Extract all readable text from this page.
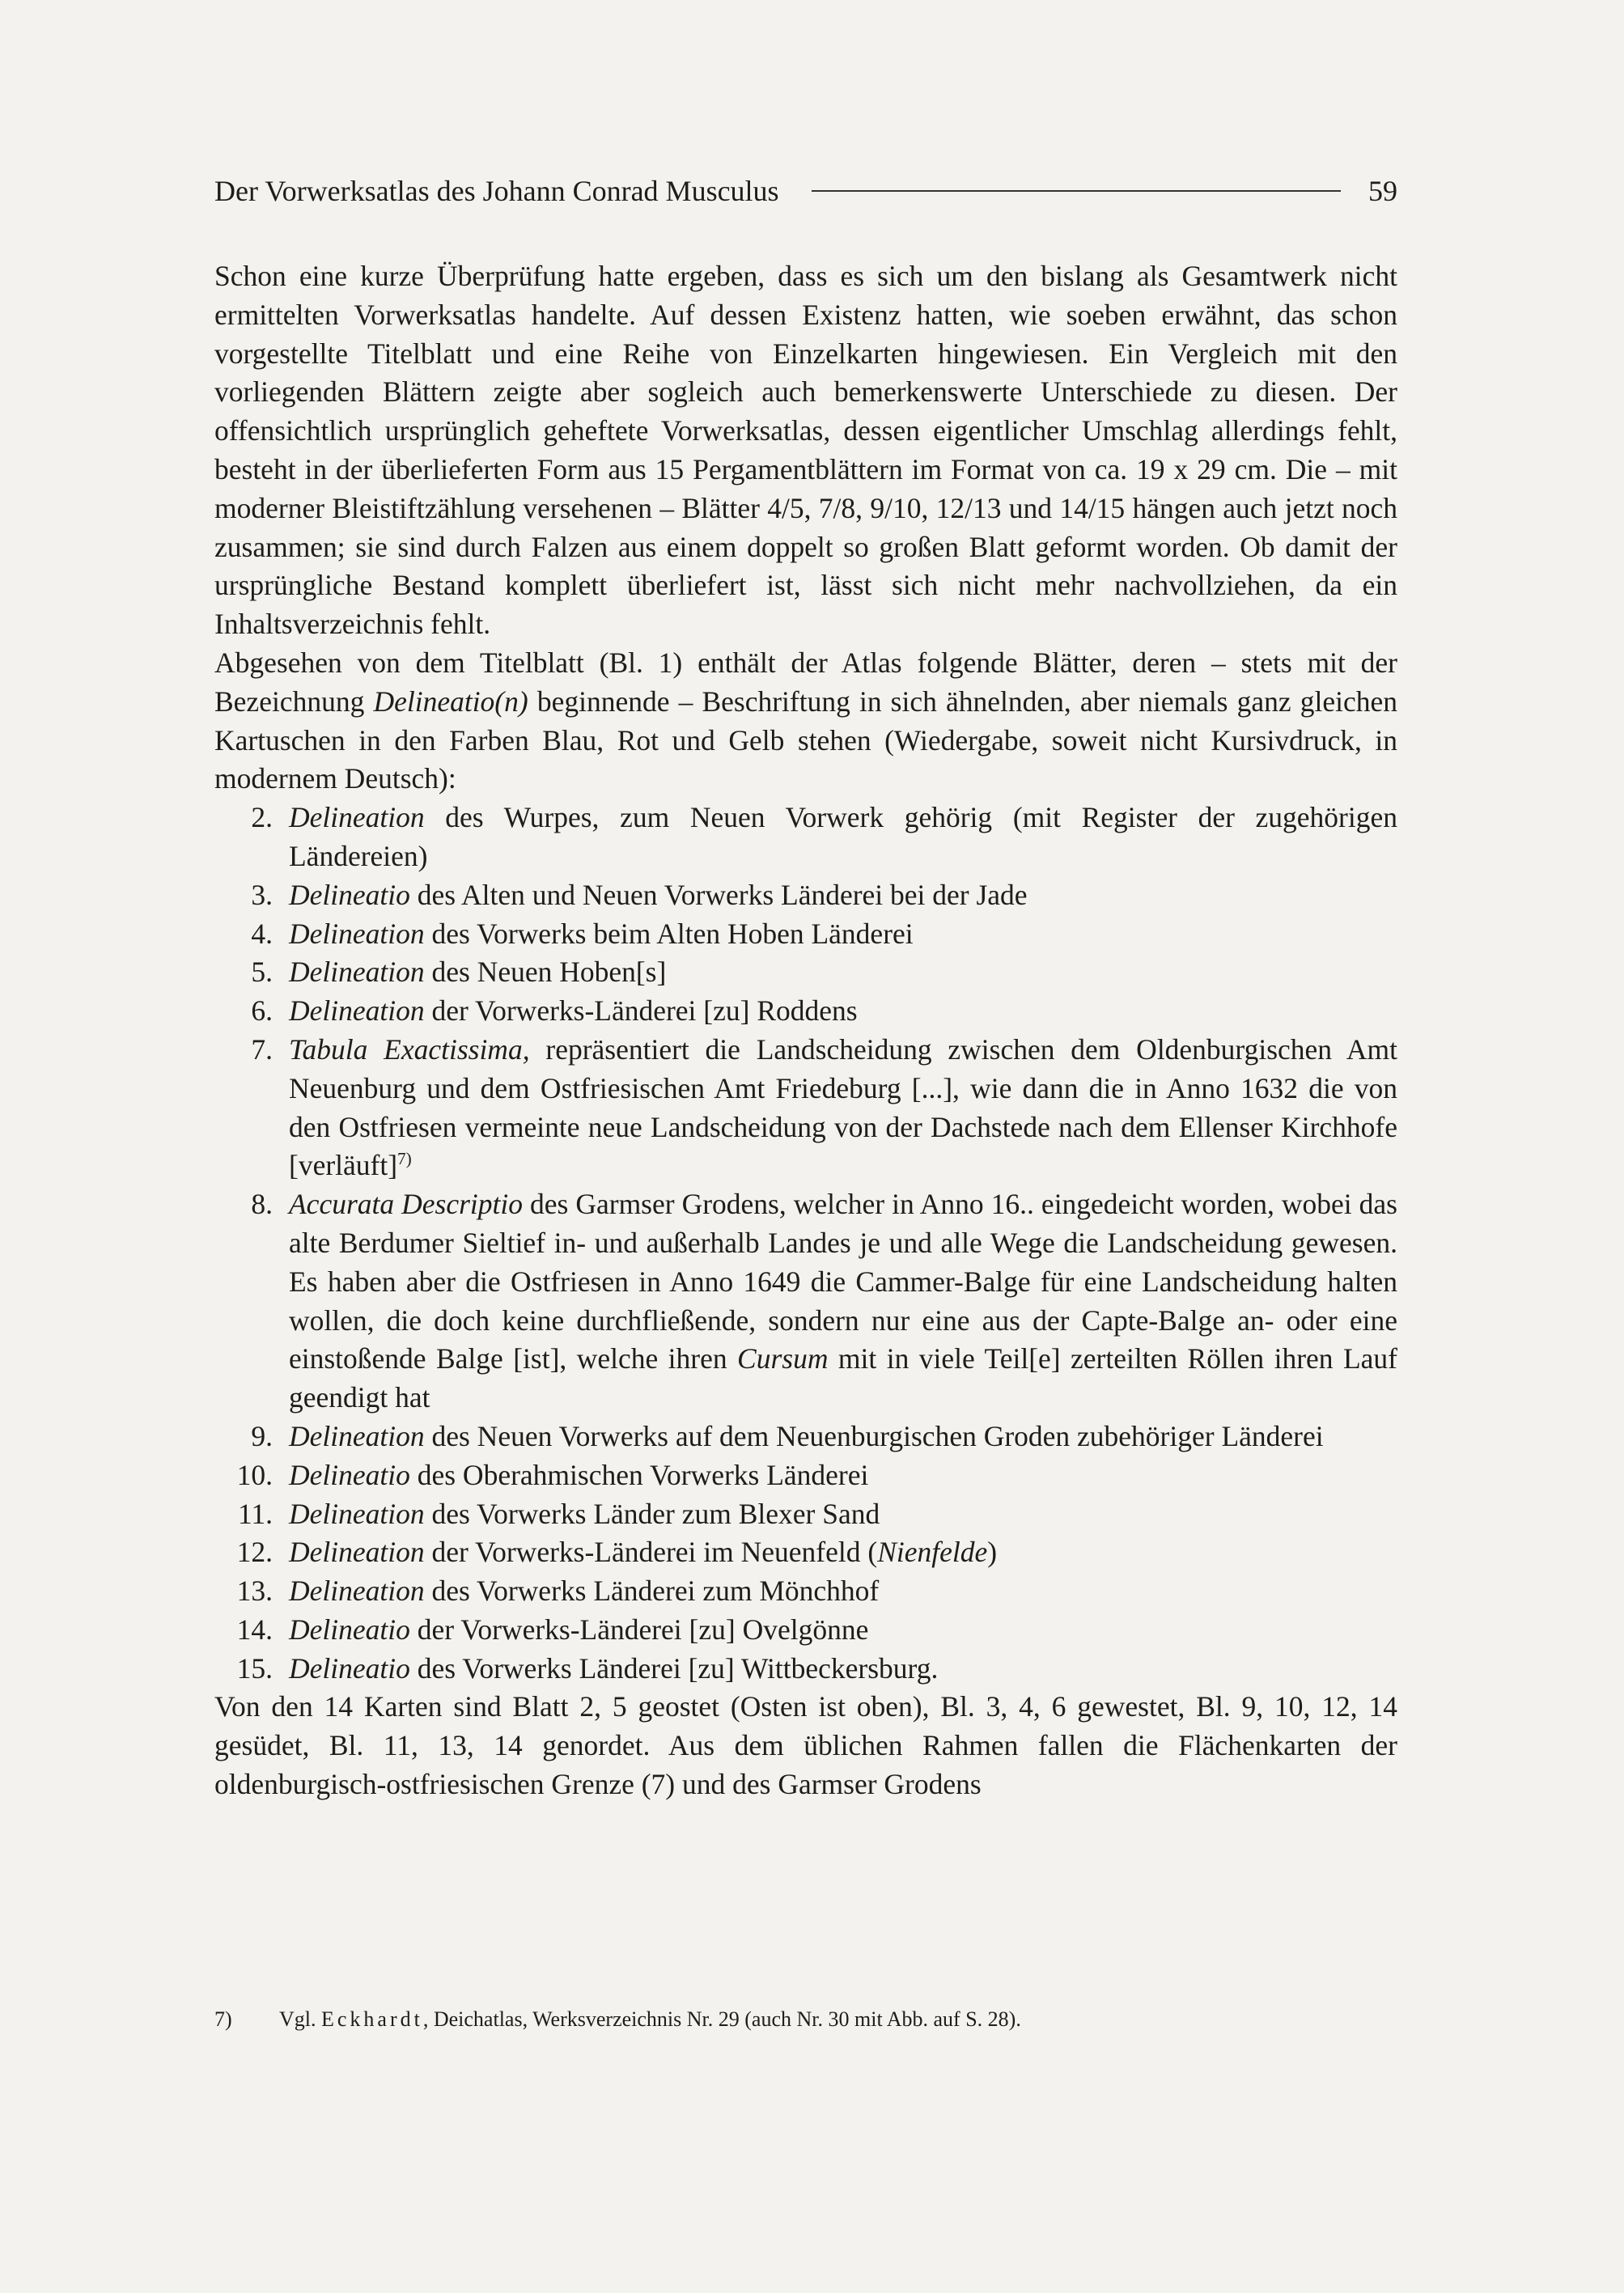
Der Vorwerksatlas des Johann Conrad Musculus	59

Schon eine kurze Überprüfung hatte ergeben, dass es sich um den bislang als Gesamtwerk nicht ermittelten Vorwerksatlas handelte. Auf dessen Existenz hatten, wie soeben erwähnt, das schon vorgestellte Titelblatt und eine Reihe von Einzelkarten hingewiesen. Ein Vergleich mit den vorliegenden Blättern zeigte aber sogleich auch bemerkenswerte Unterschiede zu diesen. Der offensichtlich ursprünglich geheftete Vorwerksatlas, dessen eigentlicher Umschlag allerdings fehlt, besteht in der überlieferten Form aus 15 Pergamentblättern im Format von ca. 19 x 29 cm. Die – mit moderner Bleistiftzählung versehenen – Blätter 4/5, 7/8, 9/10, 12/13 und 14/15 hängen auch jetzt noch zusammen; sie sind durch Falzen aus einem doppelt so großen Blatt geformt worden. Ob damit der ursprüngliche Bestand komplett überliefert ist, lässt sich nicht mehr nachvollziehen, da ein Inhaltsverzeichnis fehlt.

Abgesehen von dem Titelblatt (Bl. 1) enthält der Atlas folgende Blätter, deren – stets mit der Bezeichnung Delineatio(n) beginnende – Beschriftung in sich ähnelnden, aber niemals ganz gleichen Kartuschen in den Farben Blau, Rot und Gelb stehen (Wiedergabe, soweit nicht Kursivdruck, in modernem Deutsch):

2. Delineation des Wurpes, zum Neuen Vorwerk gehörig (mit Register der zugehörigen Ländereien)
3. Delineatio des Alten und Neuen Vorwerks Länderei bei der Jade
4. Delineation des Vorwerks beim Alten Hoben Länderei
5. Delineation des Neuen Hoben[s]
6. Delineation der Vorwerks-Länderei [zu] Roddens
7. Tabula Exactissima, repräsentiert die Landscheidung zwischen dem Oldenburgischen Amt Neuenburg und dem Ostfriesischen Amt Friedeburg [...], wie dann die in Anno 1632 die von den Ostfriesen vermeinte neue Landscheidung von der Dachstede nach dem Ellenser Kirchhofe [verläuft]$^{7)}$
8. Accurata Descriptio des Garmser Grodens, welcher in Anno 16.. eingedeicht worden, wobei das alte Berdumer Sieltief in- und außerhalb Landes je und alle Wege die Landscheidung gewesen. Es haben aber die Ostfriesen in Anno 1649 die Cammer-Balge für eine Landscheidung halten wollen, die doch keine durchfließende, sondern nur eine aus der Capte-Balge an- oder eine einstoßende Balge [ist], welche ihren Cursum mit in viele Teil[e] zerteilten Röllen ihren Lauf geendigt hat
9. Delineation des Neuen Vorwerks auf dem Neuenburgischen Groden zubehöriger Länderei
10. Delineatio des Oberahmischen Vorwerks Länderei
11. Delineation des Vorwerks Länder zum Blexer Sand
12. Delineation der Vorwerks-Länderei im Neuenfeld (Nienfelde)
13. Delineation des Vorwerks Länderei zum Mönchhof
14. Delineatio der Vorwerks-Länderei [zu] Ovelgönne
15. Delineatio des Vorwerks Länderei [zu] Wittbeckersburg.

Von den 14 Karten sind Blatt 2, 5 geostet (Osten ist oben), Bl. 3, 4, 6 gewestet, Bl. 9, 10, 12, 14 gesüdet, Bl. 11, 13, 14 genordet. Aus dem üblichen Rahmen fallen die Flächenkarten der oldenburgisch-ostfriesischen Grenze (7) und des Garmser Grodens

7) Vgl. Eckhardt, Deichatlas, Werksverzeichnis Nr. 29 (auch Nr. 30 mit Abb. auf S. 28).
